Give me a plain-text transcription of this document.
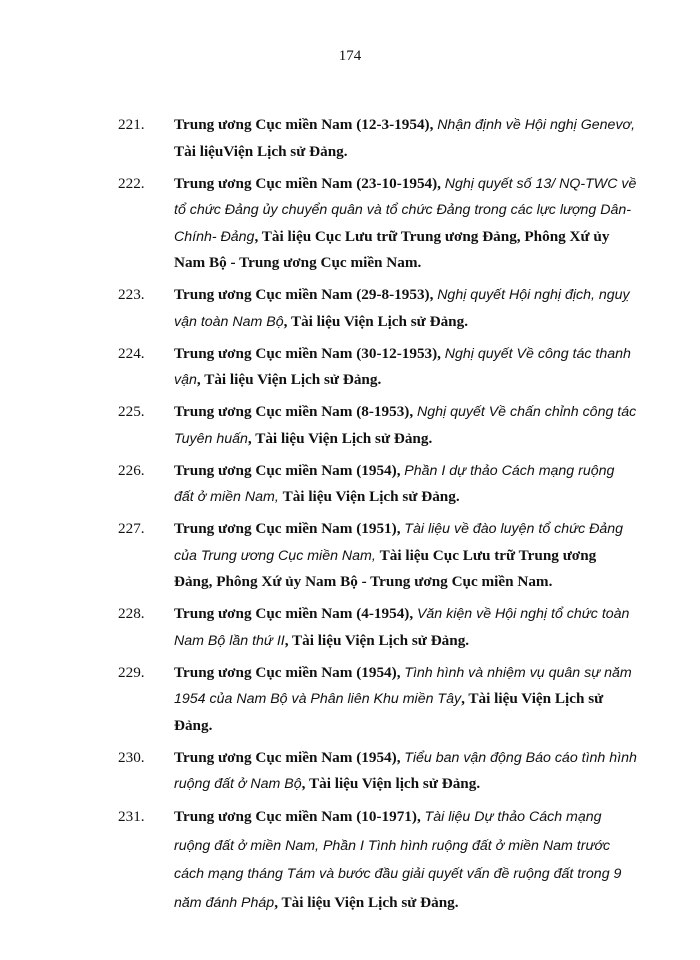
174
221. Trung ương Cục miền Nam (12-3-1954), Nhận định về Hội nghị Genevơ,
Tài liệuViện Lịch sử Đảng.
222. Trung ương Cục miền Nam (23-10-1954), Nghị quyết số 13/ NQ-TWC về tổ chức Đảng ủy chuyển quân và tổ chức Đảng trong các lực lượng Dân- Chính- Đảng, Tài liệu Cục Lưu trữ Trung ương Đảng, Phông Xứ ủy Nam Bộ - Trung ương Cục miền Nam.
223. Trung ương Cục miền Nam (29-8-1953), Nghị quyết Hội nghị địch, nguỵ vận toàn Nam Bộ, Tài liệu Viện Lịch sử Đảng.
224. Trung ương Cục miền Nam (30-12-1953), Nghị quyết Về công tác thanh vận, Tài liệu Viện Lịch sử Đảng.
225. Trung ương Cục miền Nam (8-1953), Nghị quyết Về chấn chỉnh công tác Tuyên huấn, Tài liệu Viện Lịch sử Đảng.
226. Trung ương Cục miền Nam (1954), Phần I dự thảo Cách mạng ruộng đất ở miền Nam, Tài liệu Viện Lịch sử Đảng.
227. Trung ương Cục miền Nam (1951), Tài liệu về đào luyện tổ chức Đảng của Trung ương Cục miền Nam, Tài liệu Cục Lưu trữ Trung ương Đảng, Phông Xứ ủy Nam Bộ - Trung ương Cục miền Nam.
228. Trung ương Cục miền Nam (4-1954), Văn kiện về Hội nghị tổ chức toàn Nam Bộ lần thứ II, Tài liệu Viện Lịch sử Đảng.
229. Trung ương Cục miền Nam (1954), Tình hình và nhiệm vụ quân sự năm 1954 của Nam Bộ và Phân liên Khu miền Tây, Tài liệu Viện Lịch sử Đảng.
230. Trung ương Cục miền Nam (1954), Tiểu ban vận động Báo cáo tình hình ruộng đất ở Nam Bộ, Tài liệu Viện lịch sử Đảng.
231. Trung ương Cục miền Nam (10-1971), Tài liệu Dự thảo Cách mạng ruộng đất ở miền Nam, Phần I Tình hình ruộng đất ở miền Nam trước cách mạng tháng Tám và bước đầu giải quyết vấn đề ruộng đất trong 9 năm đánh Pháp, Tài liệu Viện Lịch sử Đảng.
